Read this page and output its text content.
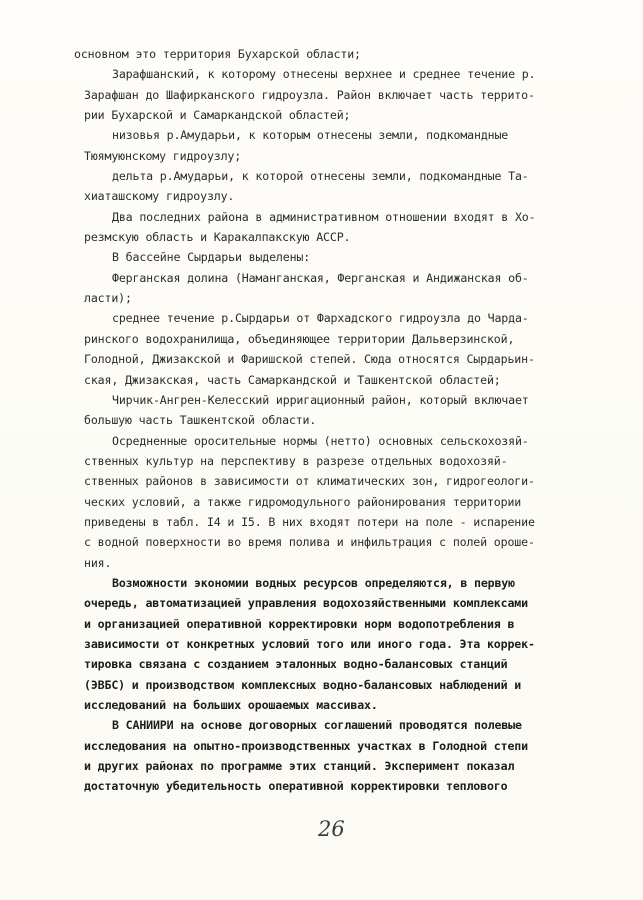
основном это территория Бухарской области;
Зарафшанский, к которому отнесены верхнее и среднее течение р.
Зарафшан до Шафирканского гидроузла. Район включает часть террито-
рии Бухарской и Самаркандской областей;
низовья р.Амударьи, к которым отнесены земли, подкомандные
Тюямуюнскому гидроузлу;
дельта р.Амударьи, к которой отнесены земли, подкомандные Та-
хиаташскому гидроузлу.
Два последних района в административном отношении входят в Хо-
резмскую область и Каракалпакскую АССР.
В бассейне Сырдарьи выделены:
Ферганская долина (Наманганская, Ферганская и Андижанская об-
ласти);
среднее течение р.Сырдарьи от Фархадского гидроузла до Чарда-
ринского водохранилища, объединяющее территории Дальверзинской,
Голодной, Джизакской и Фаришской степей. Сюда относятся Сырдарьин-
ская, Джизакская, часть Самаркандской и Ташкентской областей;
Чирчик-Ангрен-Келесский ирригационный район, который включает
большую часть Ташкентской области.
Осредненные оросительные нормы (нетто) основных сельскохозяй-
ственных культур на перспективу в разрезе отдельных водохозяй-
ственных районов в зависимости от климатических зон, гидрогеологи-
ческих условий, а также гидромодульного районирования территории
приведены в табл. I4 и I5. В них входят потери на поле - испарение
с водной поверхности во время полива и инфильтрация с полей ороше-
ния.
Возможности экономии водных ресурсов определяются, в первую
очередь, автоматизацией управления водохозяйственными комплексами
и организацией оперативной корректировки норм водопотребления в
зависимости от конкретных условий того или иного года. Эта коррек-
тировка связана с созданием эталонных водно-балансовых станций
(ЭВБС) и производством комплексных водно-балансовых наблюдений и
исследований на больших орошаемых массивах.
В САНИИРИ на основе договорных соглашений проводятся полевые
исследования на опытно-производственных участках в Голодной степи
и других районах по программе этих станций. Эксперимент показал
достаточную убедительность оперативной корректировки теплового
26
